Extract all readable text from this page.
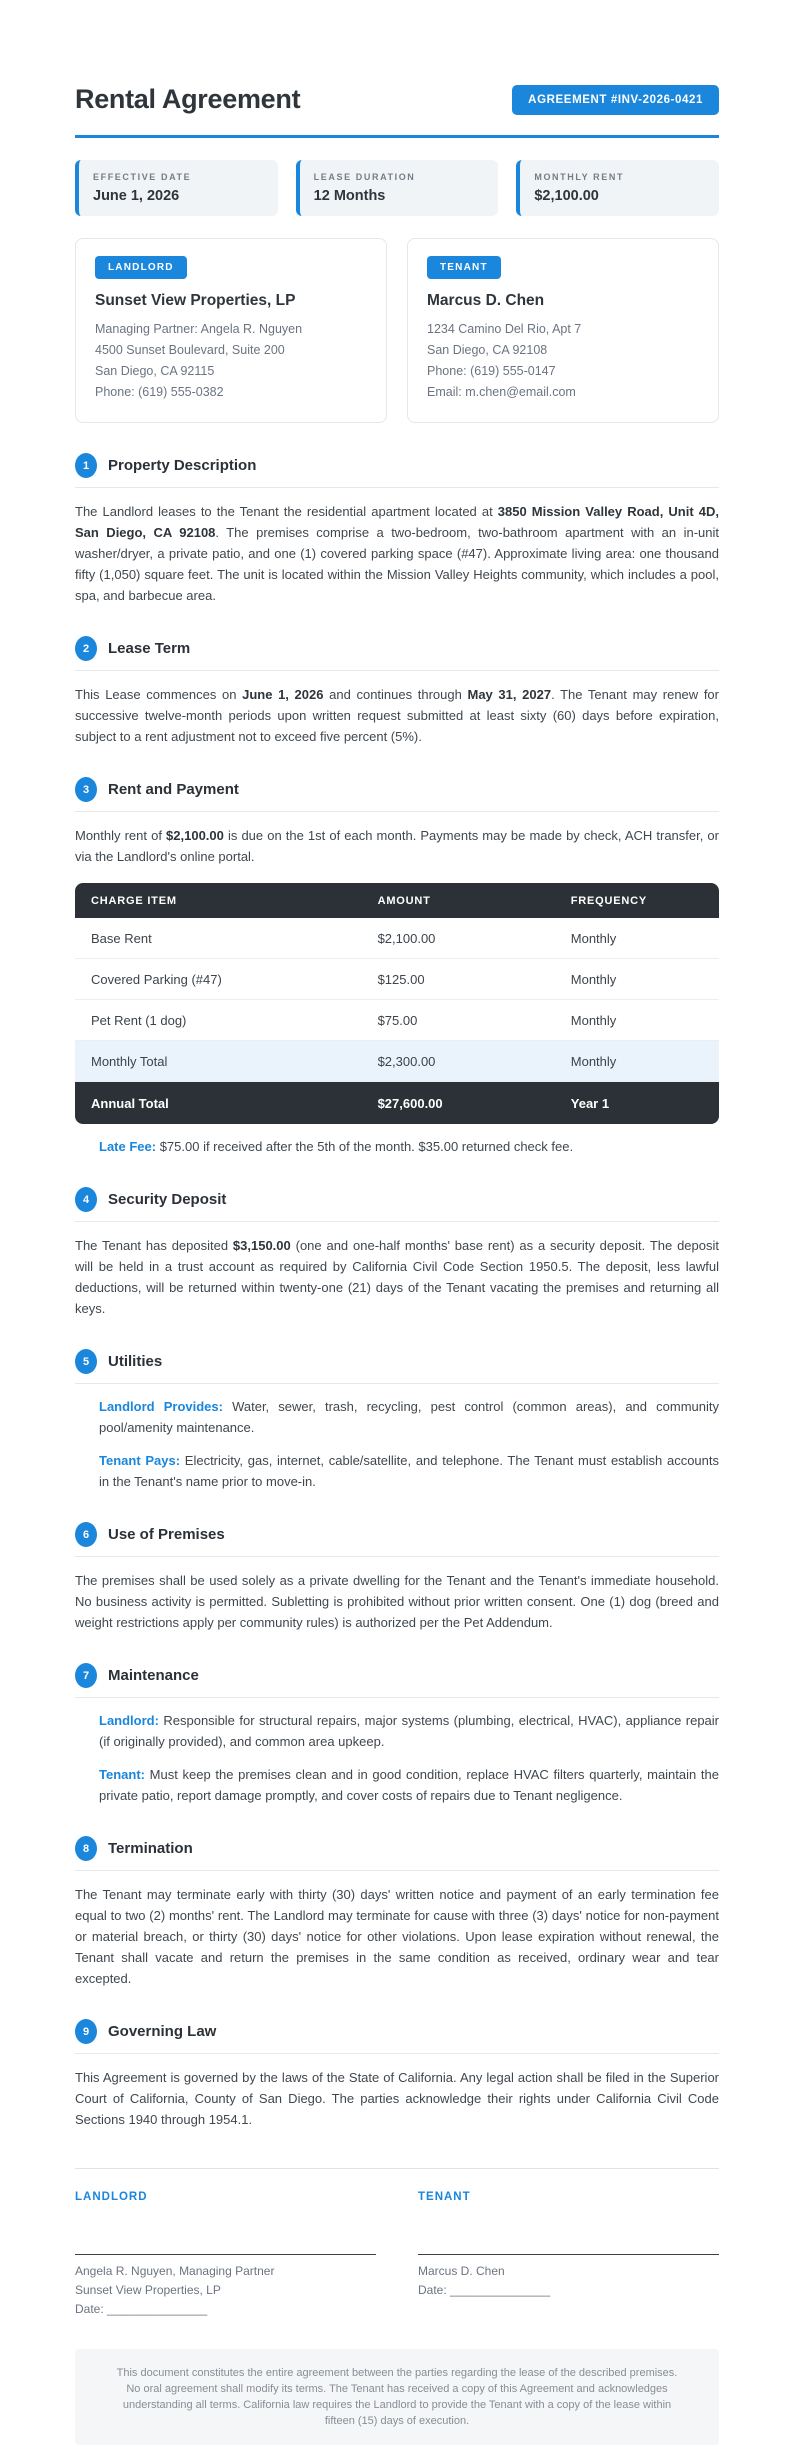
Rental Agreement	AGREEMENT #INV-2026-0421
EFFECTIVE DATE
June 1, 2026
LEASE DURATION
12 Months
MONTHLY RENT
$2,100.00
LANDLORD
Sunset View Properties, LP
Managing Partner: Angela R. Nguyen
4500 Sunset Boulevard, Suite 200
San Diego, CA 92115
Phone: (619) 555-0382
TENANT
Marcus D. Chen
1234 Camino Del Rio, Apt 7
San Diego, CA 92108
Phone: (619) 555-0147
Email: m.chen@email.com
1	Property Description

The Landlord leases to the Tenant the residential apartment located at 3850 Mission Valley Road, Unit 4D, San Diego, CA 92108. The premises comprise a two-bedroom, two-bathroom apartment with an in-unit washer/dryer, a private patio, and one (1) covered parking space (#47). Approximate living area: one thousand fifty (1,050) square feet. The unit is located within the Mission Valley Heights community, which includes a pool, spa, and barbecue area.

2	Lease Term

This Lease commences on June 1, 2026 and continues through May 31, 2027. The Tenant may renew for successive twelve-month periods upon written request submitted at least sixty (60) days before expiration, subject to a rent adjustment not to exceed five percent (5%).

3	Rent and Payment

Monthly rent of $2,100.00 is due on the 1st of each month. Payments may be made by check, ACH transfer, or via the Landlord's online portal.

CHARGE ITEM	AMOUNT	FREQUENCY
Base Rent	$2,100.00	Monthly
Covered Parking (#47)	$125.00	Monthly
Pet Rent (1 dog)	$75.00	Monthly
Monthly Total	$2,300.00	Monthly
Annual Total	$27,600.00	Year 1

Late Fee: $75.00 if received after the 5th of the month. $35.00 returned check fee.

4	Security Deposit

The Tenant has deposited $3,150.00 (one and one-half months' base rent) as a security deposit. The deposit will be held in a trust account as required by California Civil Code Section 1950.5. The deposit, less lawful deductions, will be returned within twenty-one (21) days of the Tenant vacating the premises and returning all keys.

5	Utilities

Landlord Provides: Water, sewer, trash, recycling, pest control (common areas), and community pool/amenity maintenance.

Tenant Pays: Electricity, gas, internet, cable/satellite, and telephone. The Tenant must establish accounts in the Tenant's name prior to move-in.

6	Use of Premises

The premises shall be used solely as a private dwelling for the Tenant and the Tenant's immediate household. No business activity is permitted. Subletting is prohibited without prior written consent. One (1) dog (breed and weight restrictions apply per community rules) is authorized per the Pet Addendum.

7	Maintenance

Landlord: Responsible for structural repairs, major systems (plumbing, electrical, HVAC), appliance repair (if originally provided), and common area upkeep.

Tenant: Must keep the premises clean and in good condition, replace HVAC filters quarterly, maintain the private patio, report damage promptly, and cover costs of repairs due to Tenant negligence.

8	Termination

The Tenant may terminate early with thirty (30) days' written notice and payment of an early termination fee equal to two (2) months' rent. The Landlord may terminate for cause with three (3) days' notice for non-payment or material breach, or thirty (30) days' notice for other violations. Upon lease expiration without renewal, the Tenant shall vacate and return the premises in the same condition as received, ordinary wear and tear excepted.

9	Governing Law

This Agreement is governed by the laws of the State of California. Any legal action shall be filed in the Superior Court of California, County of San Diego. The parties acknowledge their rights under California Civil Code Sections 1940 through 1954.1.

LANDLORD
Angela R. Nguyen, Managing Partner
Sunset View Properties, LP
Date: _______________
TENANT
Marcus D. Chen
Date: _______________
This document constitutes the entire agreement between the parties regarding the lease of the described premises. No oral agreement shall modify its terms. The Tenant has received a copy of this Agreement and acknowledges understanding all terms. California law requires the Landlord to provide the Tenant with a copy of the lease within fifteen (15) days of execution.
